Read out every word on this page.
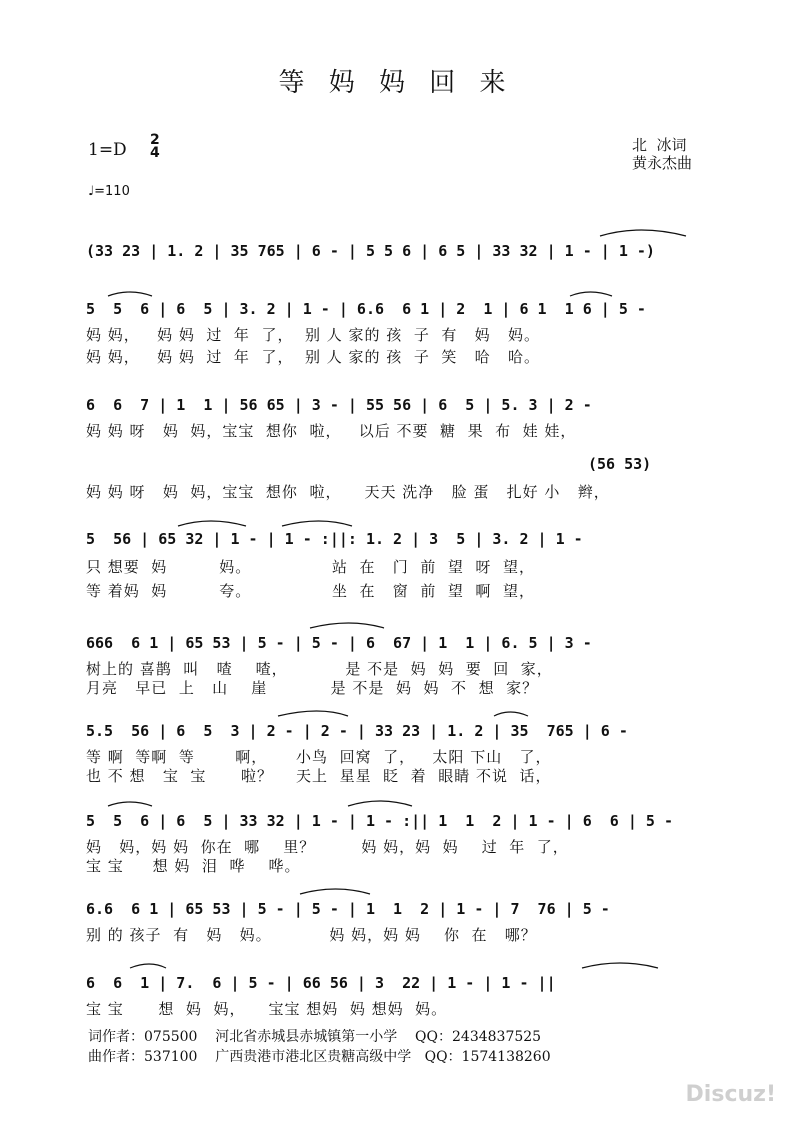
等 妈 妈 回 来
1=D 2
4	北  冰词
黄永杰曲
♩=110
(33 23 | 1. 2 | 35 765 | 6 - | 5 5 6 | 6 5 | 33 32 | 1 - | 1 -)
5  5  6 | 6  5 | 3. 2 | 1 - | 6.6  6 1 | 2  1 | 6 1  1 6 | 5 -
妈 妈，   妈 妈  过  年  了，  别 人 家的 孩  子  有   妈   妈。
妈 妈，   妈 妈  过  年  了，  别 人 家的 孩  子  笑   哈   哈。
6  6  7 | 1  1 | 56 65 | 3 - | 55 56 | 6  5 | 5. 3 | 2 -
妈 妈 呀   妈  妈，宝宝  想你  啦，   以后 不要  糖  果  布  娃 娃，
(56 53)
妈 妈 呀   妈  妈，宝宝  想你  啦，    天天 洗净   脸 蛋   扎好 小   辫，
5  56 | 65 32 | 1 - | 1 - :||: 1. 2 | 3  5 | 3. 2 | 1 -
只 想要  妈         妈。              站  在   门  前  望  呀  望，
等 着妈  妈         夸。              坐  在   窗  前  望  啊  望，
666  6 1 | 65 53 | 5 - | 5 - | 6  67 | 1  1 | 6. 5 | 3 -
树上的 喜鹊  叫   喳    喳，          是 不是  妈  妈  要  回  家，
月亮   早已  上   山    崖           是 不是  妈  妈  不  想  家？
5.5  56 | 6  5  3 | 2 - | 2 - | 33 23 | 1. 2 | 35  765 | 6 -
等 啊  等啊  等       啊，     小鸟  回窝  了，   太阳 下山   了，
也 不 想   宝  宝      啦？    天上  星星  眨  着  眼睛 不说  话，
5  5  6 | 6  5 | 33 32 | 1 - | 1 - :|| 1  1  2 | 1 - | 6  6 | 5 -
妈   妈，妈 妈  你在  哪    里？        妈 妈，妈  妈    过  年  了，
宝 宝     想 妈  泪  哗    哗。
6.6  6 1 | 65 53 | 5 - | 5 - | 1  1  2 | 1 - | 7  76 | 5 -
别 的 孩子  有   妈   妈。          妈 妈，妈 妈    你  在   哪？
6  6  1 | 7.  6 | 5 - | 66 56 | 3  22 | 1 - | 1 - ||
宝 宝      想  妈  妈，    宝宝 想妈  妈 想妈  妈。
词作者：075500    河北省赤城县赤城镇第一小学    QQ：2434837525
曲作者：537100    广西贵港市港北区贵糖高级中学   QQ：1574138260
Discuz!
